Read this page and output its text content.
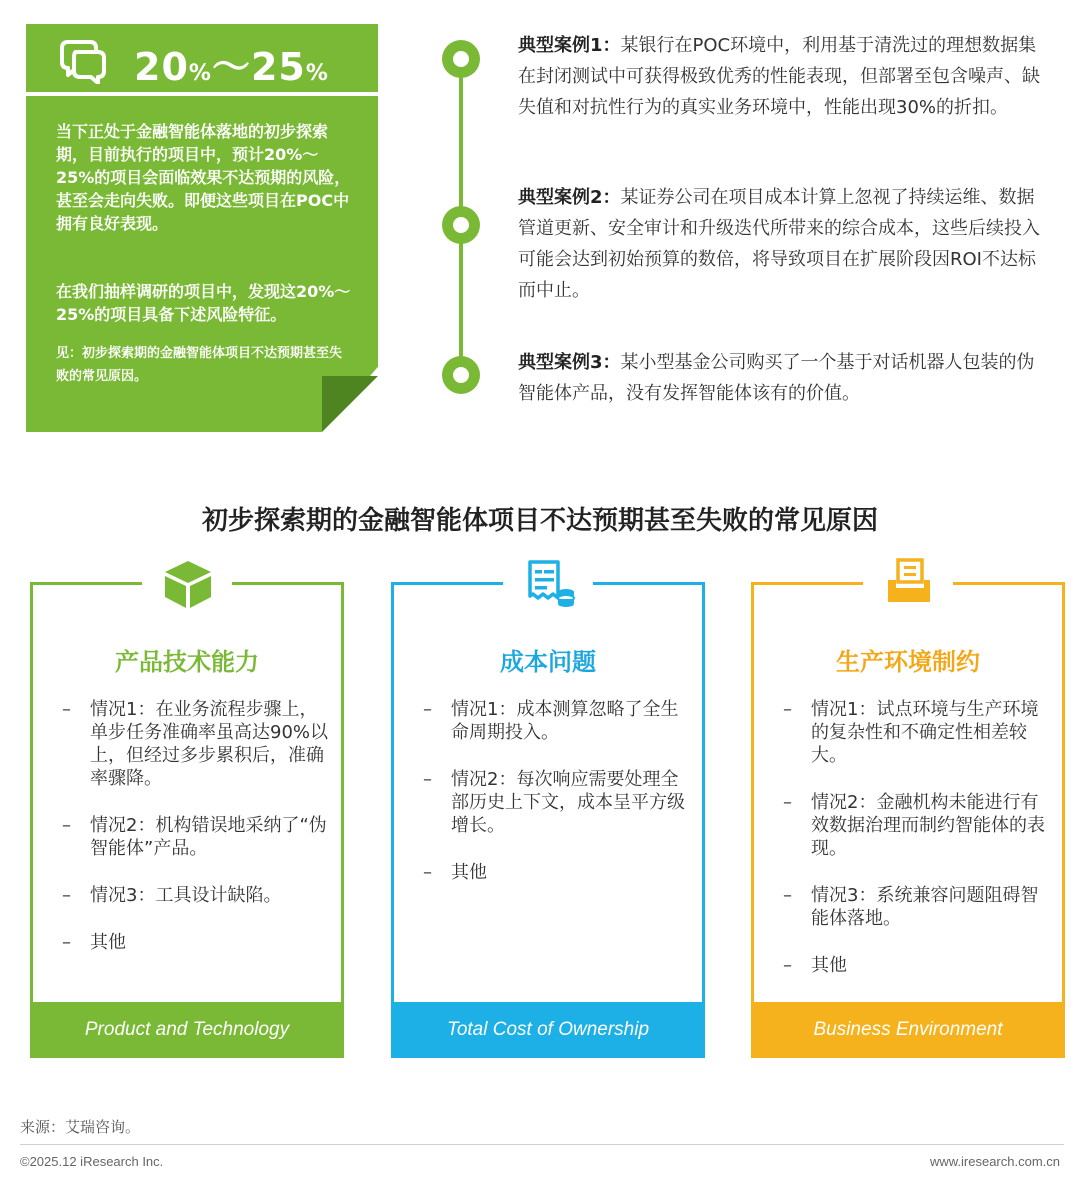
20%～25%

当下正处于金融智能体落地的初步探索期，目前执行的项目中，预计20%～25%的项目会面临效果不达预期的风险，甚至会走向失败。即便这些项目在POC中拥有良好表现。

在我们抽样调研的项目中，发现这20%～25%的项目具备下述风险特征。

见：初步探索期的金融智能体项目不达预期甚至失败的常见原因。

典型案例1：某银行在POC环境中，利用基于清洗过的理想数据集在封闭测试中可获得极致优秀的性能表现，但部署至包含噪声、缺失值和对抗性行为的真实业务环境中，性能出现30%的折扣。
典型案例2：某证券公司在项目成本计算上忽视了持续运维、数据管道更新、安全审计和升级迭代所带来的综合成本，这些后续投入可能会达到初始预算的数倍，将导致项目在扩展阶段因ROI不达标而中止。
典型案例3：某小型基金公司购买了一个基于对话机器人包装的伪智能体产品，没有发挥智能体该有的价值。
初步探索期的金融智能体项目不达预期甚至失败的常见原因
产品技术能力
– 情况1：在业务流程步骤上，单步任务准确率虽高达90%以上，但经过多步累积后，准确率骤降。
– 情况2：机构错误地采纳了“伪智能体”产品。
– 情况3：工具设计缺陷。
– 其他
Product and Technology
成本问题
– 情况1：成本测算忽略了全生命周期投入。
– 情况2：每次响应需要处理全部历史上下文，成本呈平方级增长。
– 其他
Total Cost of Ownership
生产环境制约
– 情况1：试点环境与生产环境的复杂性和不确定性相差较大。
– 情况2：金融机构未能进行有效数据治理而制约智能体的表现。
– 情况3：系统兼容问题阻碍智能体落地。
– 其他
Business Environment
来源：艾瑞咨询。
©2025.12 iResearch Inc.	www.iresearch.com.cn
